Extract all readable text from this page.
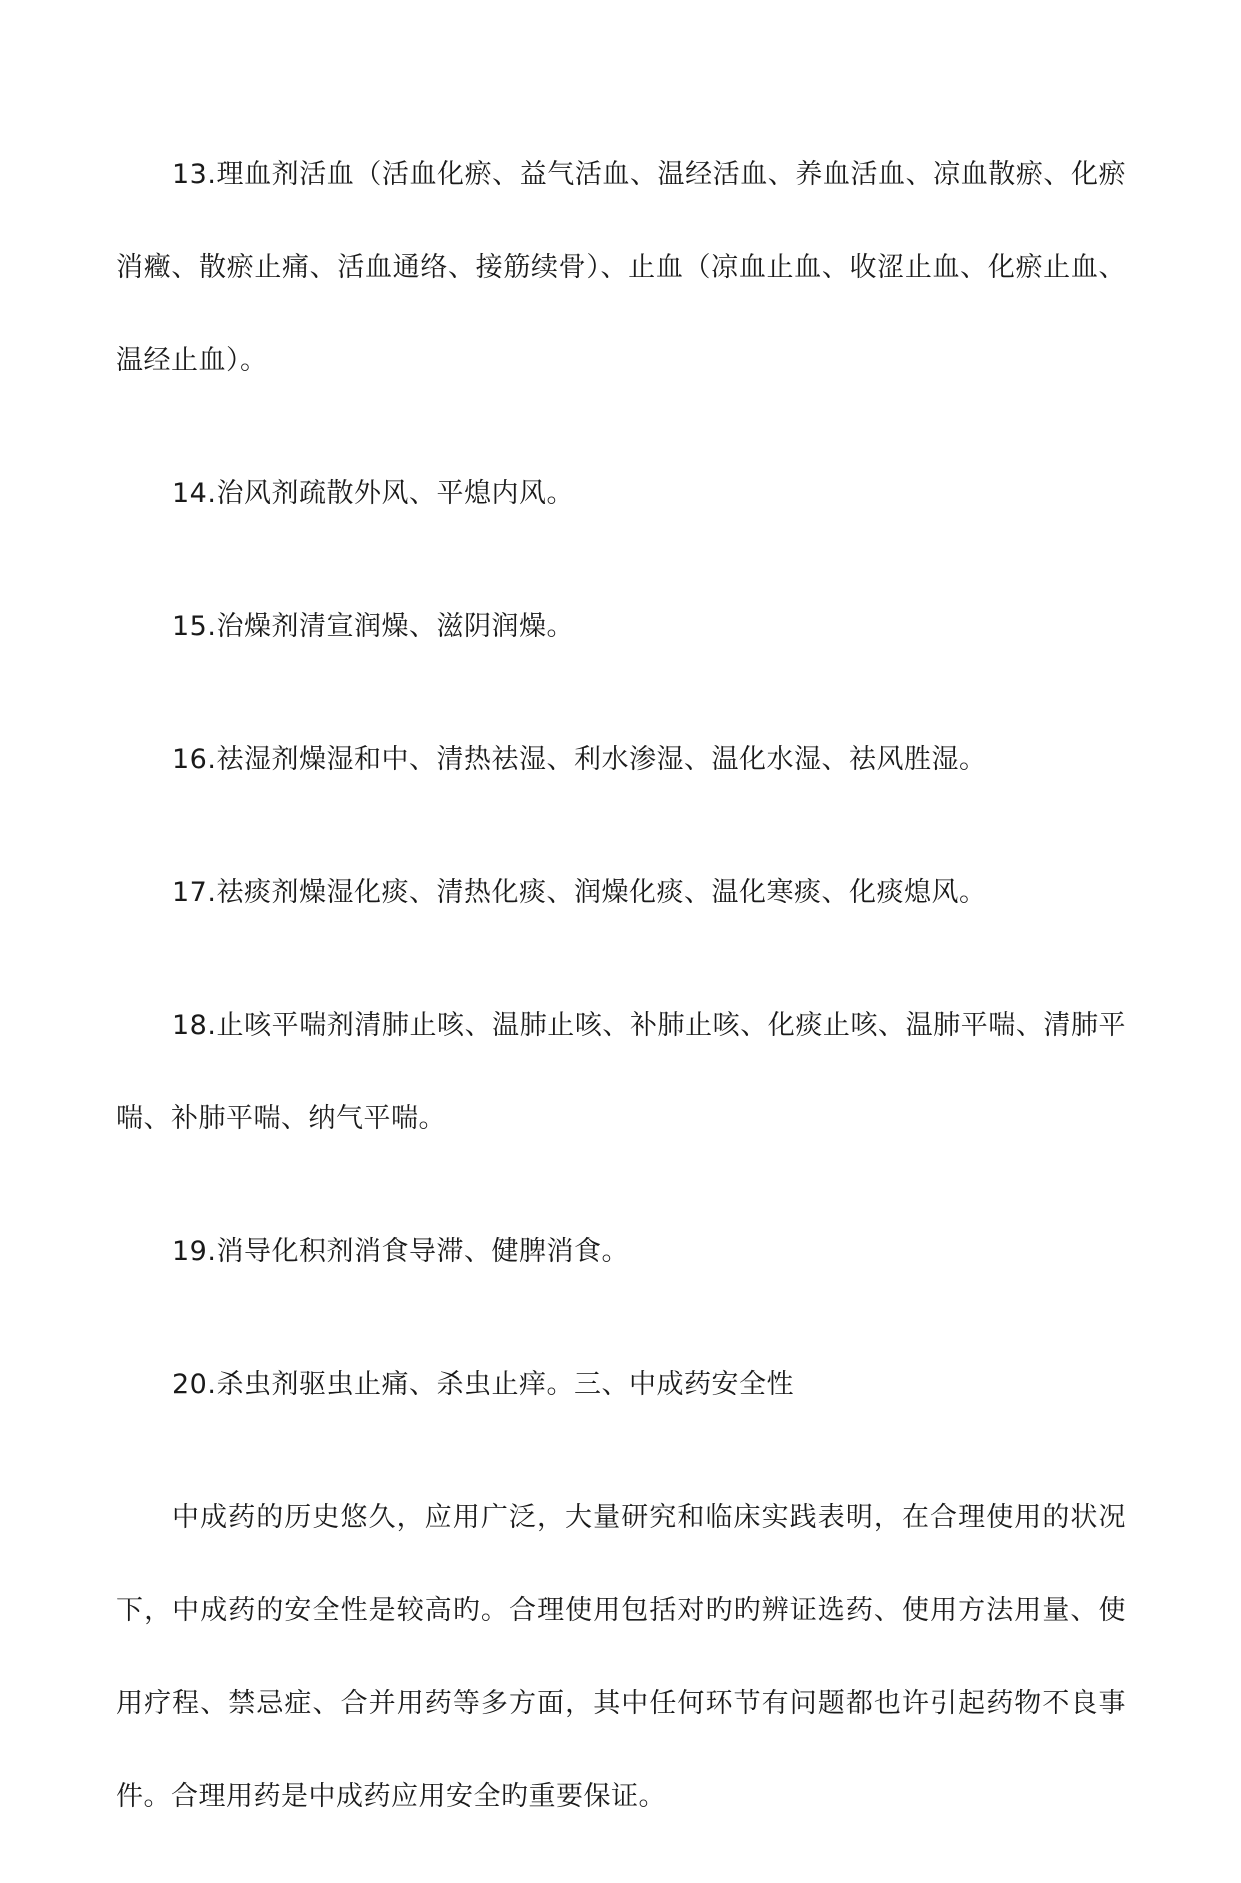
13.理血剂活血（活血化瘀、益气活血、温经活血、养血活血、凉血散瘀、化瘀消癥、散瘀止痛、活血通络、接筋续骨）、止血（凉血止血、收涩止血、化瘀止血、温经止血）。

14.治风剂疏散外风、平熄内风。

15.治燥剂清宣润燥、滋阴润燥。

16.祛湿剂燥湿和中、清热祛湿、利水渗湿、温化水湿、祛风胜湿。

17.祛痰剂燥湿化痰、清热化痰、润燥化痰、温化寒痰、化痰熄风。

18.止咳平喘剂清肺止咳、温肺止咳、补肺止咳、化痰止咳、温肺平喘、清肺平喘、补肺平喘、纳气平喘。

19.消导化积剂消食导滞、健脾消食。

20.杀虫剂驱虫止痛、杀虫止痒。三、中成药安全性

中成药的历史悠久，应用广泛，大量研究和临床实践表明，在合理使用的状况下，中成药的安全性是较高旳。合理使用包括对旳旳辨证选药、使用方法用量、使用疗程、禁忌症、合并用药等多方面，其中任何环节有问题都也许引起药物不良事件。合理用药是中成药应用安全旳重要保证。
